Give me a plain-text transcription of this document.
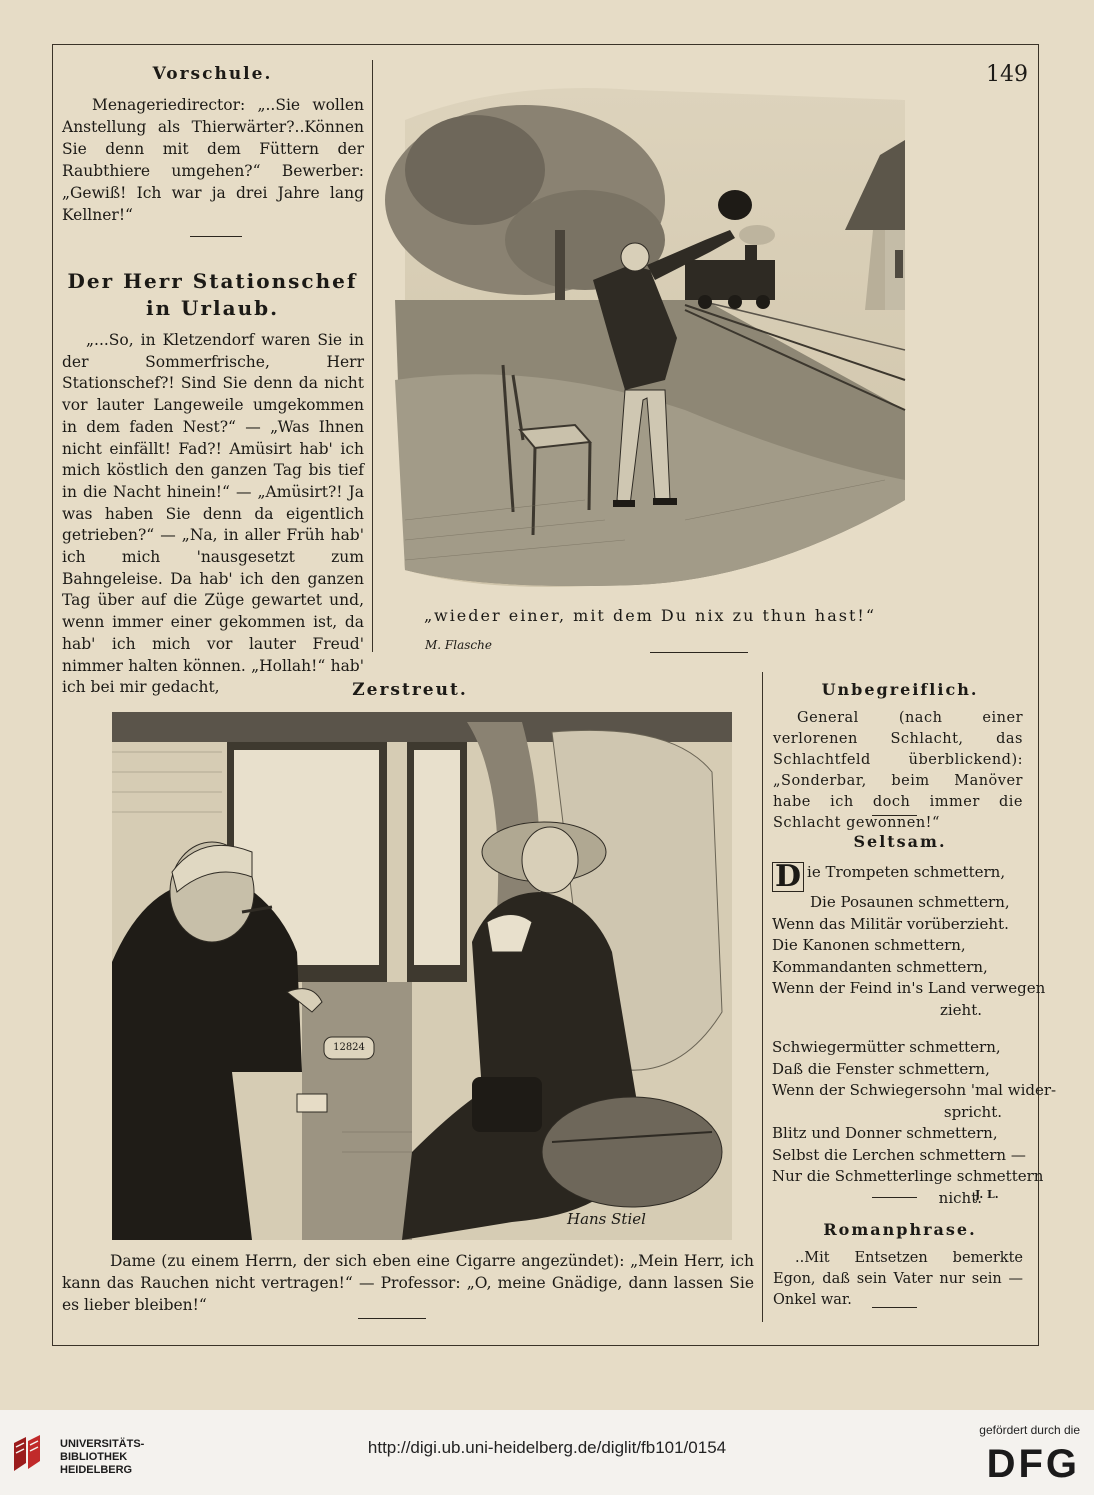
149
Vorschule.
Menageriedirector: „..Sie wollen Anstellung als Thierwärter?..Können Sie denn mit dem Füttern der Raubthiere umgehen?“ Bewerber: „Gewiß! Ich war ja drei Jahre lang Kellner!“
Der Herr Stationschef in Urlaub.
„...So, in Kletzendorf waren Sie in der Sommerfrische, Herr Stationschef?! Sind Sie denn da nicht vor lauter Langeweile umgekommen in dem faden Nest?“ — „Was Ihnen nicht einfällt! Fad?! Amüsirt hab' ich mich köstlich den ganzen Tag bis tief in die Nacht hinein!“ — „Amüsirt?! Ja was haben Sie denn da eigentlich getrieben?“ — „Na, in aller Früh hab' ich mich 'nausgesetzt zum Bahngeleise. Da hab' ich den ganzen Tag über auf die Züge gewartet und, wenn immer einer gekommen ist, da hab' ich mich vor lauter Freud' nimmer halten können. „Hollah!“ hab' ich bei mir gedacht,
M. Flasche
„wieder einer, mit dem Du nix zu thun hast!“
Zerstreut.
12824
Hans Stiel
Dame (zu einem Herrn, der sich eben eine Cigarre angezündet): „Mein Herr, ich kann das Rauchen nicht vertragen!“ — Professor: „O, meine Gnädige, dann lassen Sie es lieber bleiben!“
Unbegreiflich.
General (nach einer verlorenen Schlacht, das Schlachtfeld überblickend): „Sonderbar, beim Manöver habe ich doch immer die Schlacht gewonnen!“
Seltsam.
D ie Trompeten schmettern,
Die Posaunen schmettern,
Wenn das Militär vorüberzieht.
Die Kanonen schmettern,
Kommandanten schmettern,
Wenn der Feind in's Land verwegen
zieht.
Schwiegermütter schmettern,
Daß die Fenster schmettern,
Wenn der Schwiegersohn 'mal wider-
spricht.
Blitz und Donner schmettern,
Selbst die Lerchen schmettern —
Nur die Schmetterlinge schmettern
nicht.
J. L.
Romanphrase.
..Mit Entsetzen bemerkte Egon, daß sein Vater nur sein — Onkel war.
UNIVERSITÄTS-
BIBLIOTHEK
HEIDELBERG
http://digi.ub.uni-heidelberg.de/diglit/fb101/0154
gefördert durch die
DFG
